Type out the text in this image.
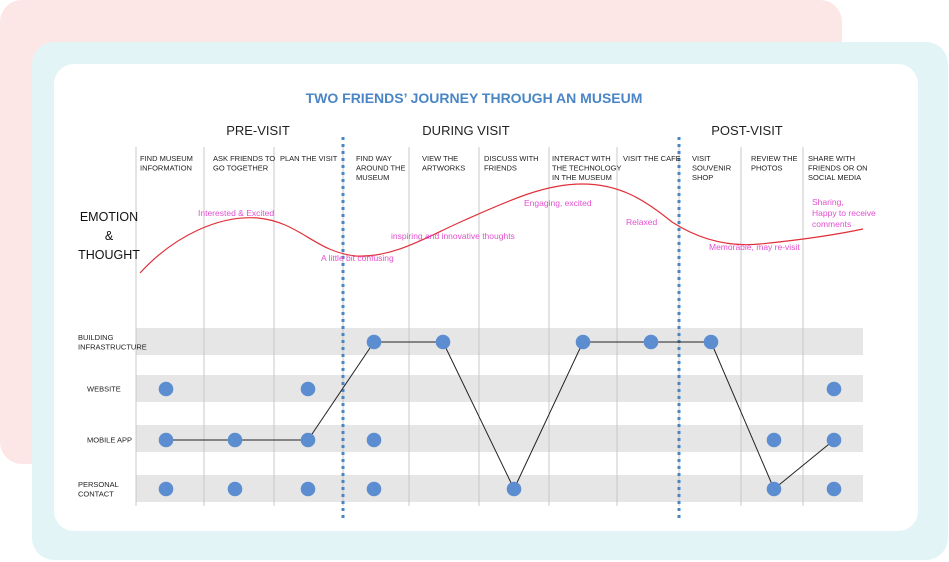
TWO FRIENDS’ JOURNEY THROUGH AN MUSEUM
PRE-VISIT	DURING VISIT	POST-VISIT
FIND MUSEUM INFORMATION
ASK FRIENDS TO GO TOGETHER
PLAN THE VISIT FIND WAY AROUND THE MUSEUM
VIEW THE ARTWORKS
DISCUSS WITH FRIENDS
INTERACT WITH THE TECHNOLOGY IN THE MUSEUM
VISIT THE CAFE VISIT SOUVENIR SHOP
REVIEW THE PHOTOS
SHARE WITH FRIENDS OR ON SOCIAL MEDIA
EMOTION & THOUGHT
Interested & Excited
A little bit confusing
inspiring and innovative thoughts
Engaging, excited
Relaxed
Memorable, may re-visit
Sharing, Happy to receive comments
BUILDING INFRASTRUCTURE
WEBSITE
MOBILE APP
PERSONAL CONTACT
